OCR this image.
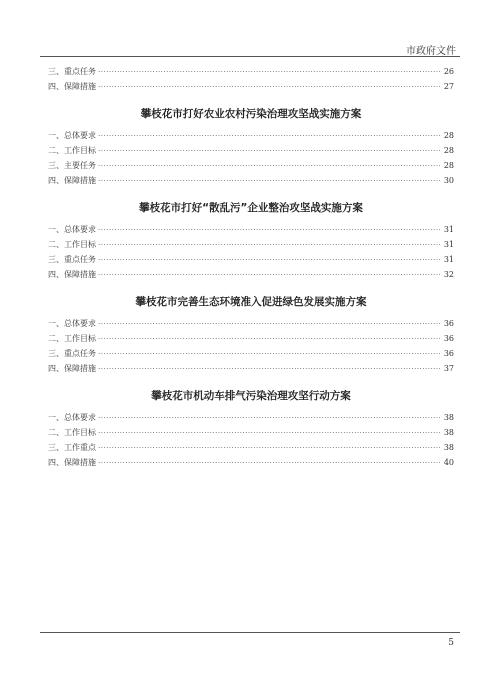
市政府文件
三、重点任务 ·····	26
四、保障措施 ·····	27
攀枝花市打好农业农村污染治理攻坚战实施方案
一、总体要求 ·····	28
二、工作目标 ·····	28
三、主要任务 ·····	28
四、保障措施 ·····	30
攀枝花市打好“散乱污”企业整治攻坚战实施方案
一、总体要求 ·····	31
二、工作目标 ·····	31
三、重点任务 ·····	31
四、保障措施 ·····	32
攀枝花市完善生态环境准入促进绿色发展实施方案
一、总体要求 ·····	36
二、工作目标 ·····	36
三、重点任务 ·····	36
四、保障措施 ·····	37
攀枝花市机动车排气污染治理攻坚行动方案
一、总体要求 ·····	38
二、工作目标 ·····	38
三、工作重点 ·····	38
四、保障措施 ·····	40
5
